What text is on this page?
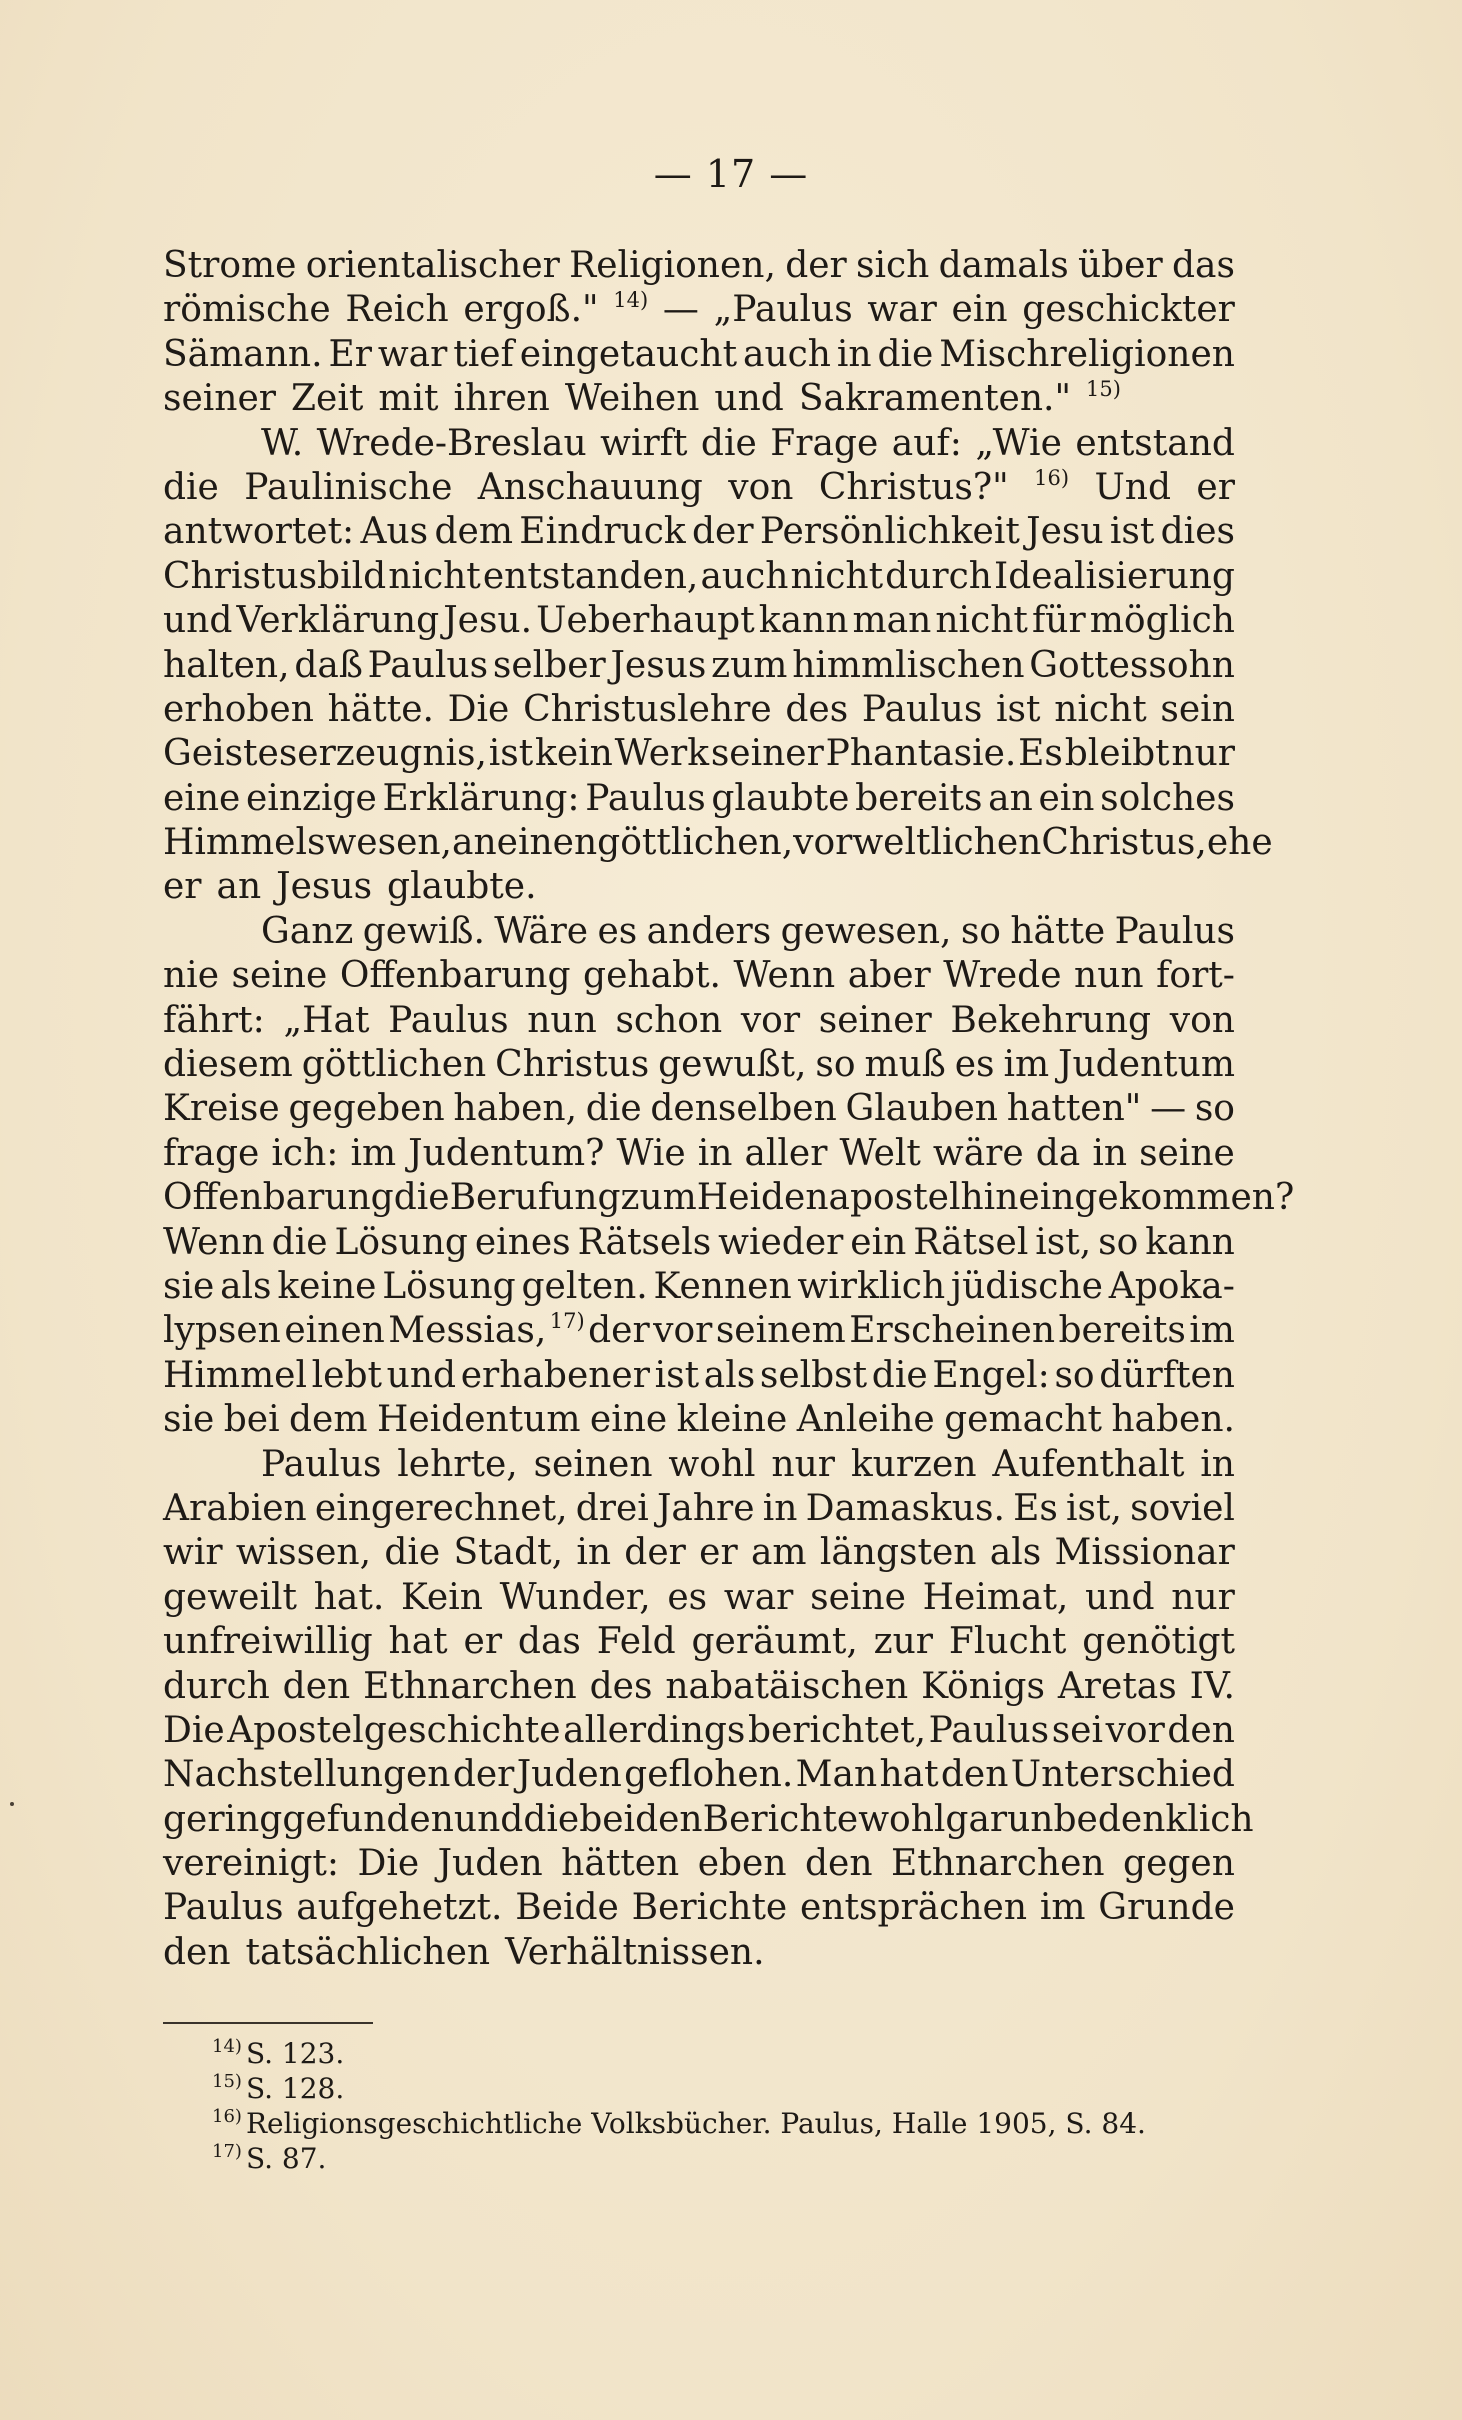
— 17 —
Strome orientalischer Religionen, der sich damals über das
römische Reich ergoß." $^{14)}$ — „Paulus war ein geschickter
Sämann. Er war tief eingetaucht auch in die Mischreligionen
seiner Zeit mit ihren Weihen und Sakramenten." $^{15)}$
W. Wrede-Breslau wirft die Frage auf: „Wie entstand
die Paulinische Anschauung von Christus?" $^{16)}$ Und er
antwortet: Aus dem Eindruck der Persönlichkeit Jesu ist dies
Christusbild nicht entstanden, auch nicht durch Idealisierung
und Verklärung Jesu. Ueberhaupt kann man nicht für möglich
halten, daß Paulus selber Jesus zum himmlischen Gottessohn
erhoben hätte. Die Christuslehre des Paulus ist nicht sein
Geisteserzeugnis, ist kein Werk seiner Phantasie. Es bleibt nur
eine einzige Erklärung: Paulus glaubte bereits an ein solches
Himmelswesen, an einen göttlichen, vorweltlichen Christus, ehe
er an Jesus glaubte.
Ganz gewiß. Wäre es anders gewesen, so hätte Paulus
nie seine Offenbarung gehabt. Wenn aber Wrede nun fort-
fährt: „Hat Paulus nun schon vor seiner Bekehrung von
diesem göttlichen Christus gewußt, so muß es im Judentum
Kreise gegeben haben, die denselben Glauben hatten" — so
frage ich: im Judentum? Wie in aller Welt wäre da in seine
Offenbarung die Berufung zum Heidenapostel hineingekommen?
Wenn die Lösung eines Rätsels wieder ein Rätsel ist, so kann
sie als keine Lösung gelten. Kennen wirklich jüdische Apoka-
lypsen einen Messias, $^{17)}$ der vor seinem Erscheinen bereits im
Himmel lebt und erhabener ist als selbst die Engel: so dürften
sie bei dem Heidentum eine kleine Anleihe gemacht haben.
Paulus lehrte, seinen wohl nur kurzen Aufenthalt in
Arabien eingerechnet, drei Jahre in Damaskus. Es ist, soviel
wir wissen, die Stadt, in der er am längsten als Missionar
geweilt hat. Kein Wunder, es war seine Heimat, und nur
unfreiwillig hat er das Feld geräumt, zur Flucht genötigt
durch den Ethnarchen des nabatäischen Königs Aretas IV.
Die Apostelgeschichte allerdings berichtet, Paulus sei vor den
Nachstellungen der Juden geflohen. Man hat den Unterschied
gering gefunden und die beiden Berichte wohl gar unbedenklich
vereinigt: Die Juden hätten eben den Ethnarchen gegen
Paulus aufgehetzt. Beide Berichte entsprächen im Grunde
den tatsächlichen Verhältnissen.
$^{14)}$ S. 123.
$^{15)}$ S. 128.
$^{16)}$ Religionsgeschichtliche Volksbücher. Paulus, Halle 1905, S. 84.
$^{17)}$ S. 87.
